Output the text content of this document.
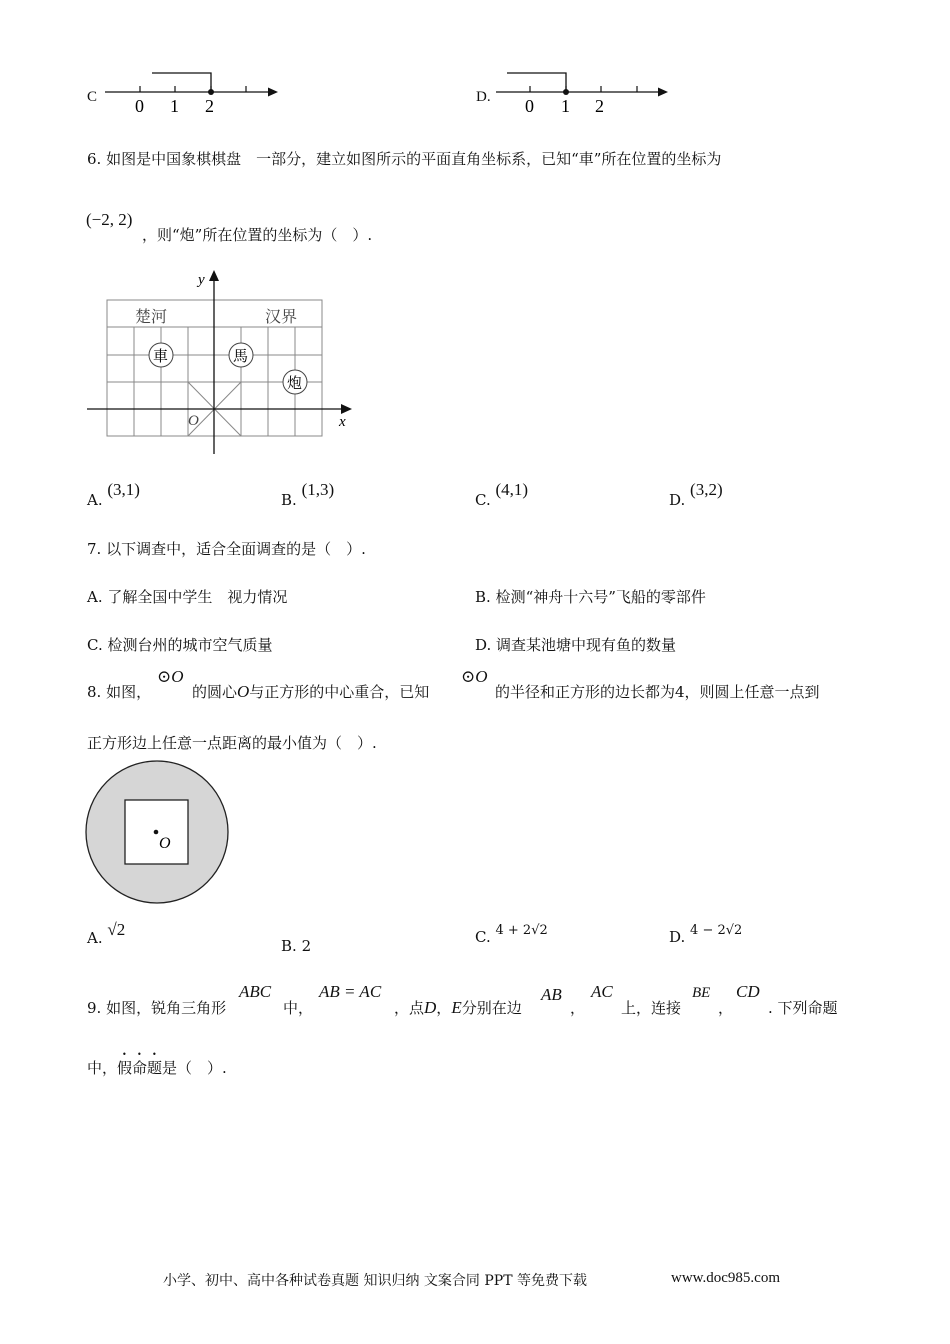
C 0 1 2	D. 0 1 2
6. 如图是中国象棋棋盘　一部分，建立如图所示的平面直角坐标系，已知“車”所在位置的坐标为
(−2, 2)
，则“炮”所在位置的坐标为（　）.
y
x
O
楚河	汉界
車	馬
炮
A. (3,1)
B. (1,3)
C. (4,1)
D. (3,2)
7. 以下调查中，适合全面调查的是（　）.
A. 了解全国中学生　视力情况	B. 检测“神舟十六号”飞船的零部件
C. 检测台州的城市空气质量	D. 调查某池塘中现有鱼的数量
8. 如图，
⊙O
的圆心O与正方形的中心重合，已知
⊙O
的半径和正方形的边长都为4，则圆上任意一点到
正方形边上任意一点距离的最小值为（　）.
O
A. √2
B. 2	C. 4 + 2√2	D. 4 − 2√2
9. 如图，锐角三角形
ABC
中，
AB = AC
，点D，E分别在边
AB
，
AC
上，连接
BE
，
CD
. 下列命题
中，假命题是（　）.
小学、初中、高中各种试卷真题 知识归纳 文案合同 PPT 等免费下载	www.doc985.com
